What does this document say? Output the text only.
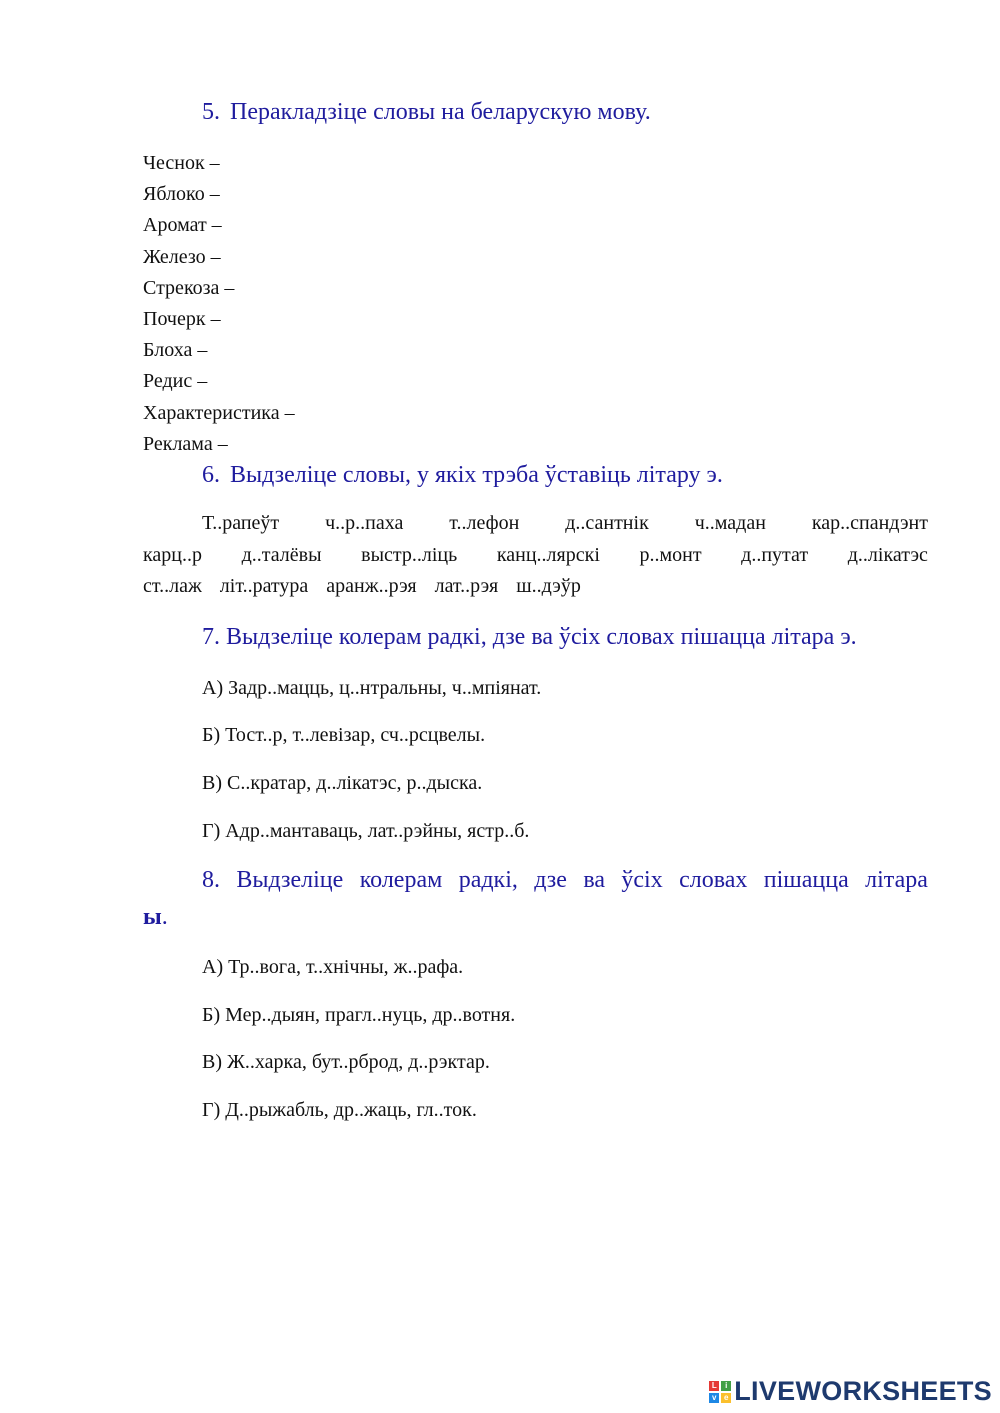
5. Перакладзіце словы на беларускую мову.
Чеснок –
Яблоко –
Аромат –
Железо –
Стрекоза –
Почерк –
Блоха –
Редис –
Характеристика –
Реклама –
6. Выдзеліце словы, у якіх трэба ўставіць літару э.
Т..рапеўт ч..р..паха т..лефон д..сантнік ч..мадан кар..спандэнт
карц..р д..талёвы выстр..ліць канц..лярскі р..монт д..путат д..лікатэс
ст..лаж літ..ратура аранж..рэя лат..рэя ш..дэўр
7. Выдзеліце колерам радкі, дзе ва ўсіх словах пішацца літара э.
А) Задр..мацць, ц..нтральны, ч..мпіянат.
Б) Тост..р, т..левізар, сч..рсцвелы.
В) С..кратар, д..лікатэс, р..дыска.
Г) Адр..мантаваць, лат..рэйны, ястр..б.
8. Выдзеліце колерам радкі, дзе ва ўсіх словах пішацца літара
ы.
А) Тр..вога, т..хнічны, ж..рафа.
Б) Мер..дыян, прагл..нуць, др..вотня.
В) Ж..харка, бут..рброд, д..рэктар.
Г) Д..рыжабль, др..жаць, гл..ток.
L	i
v e LIVEWORKSHEETS
